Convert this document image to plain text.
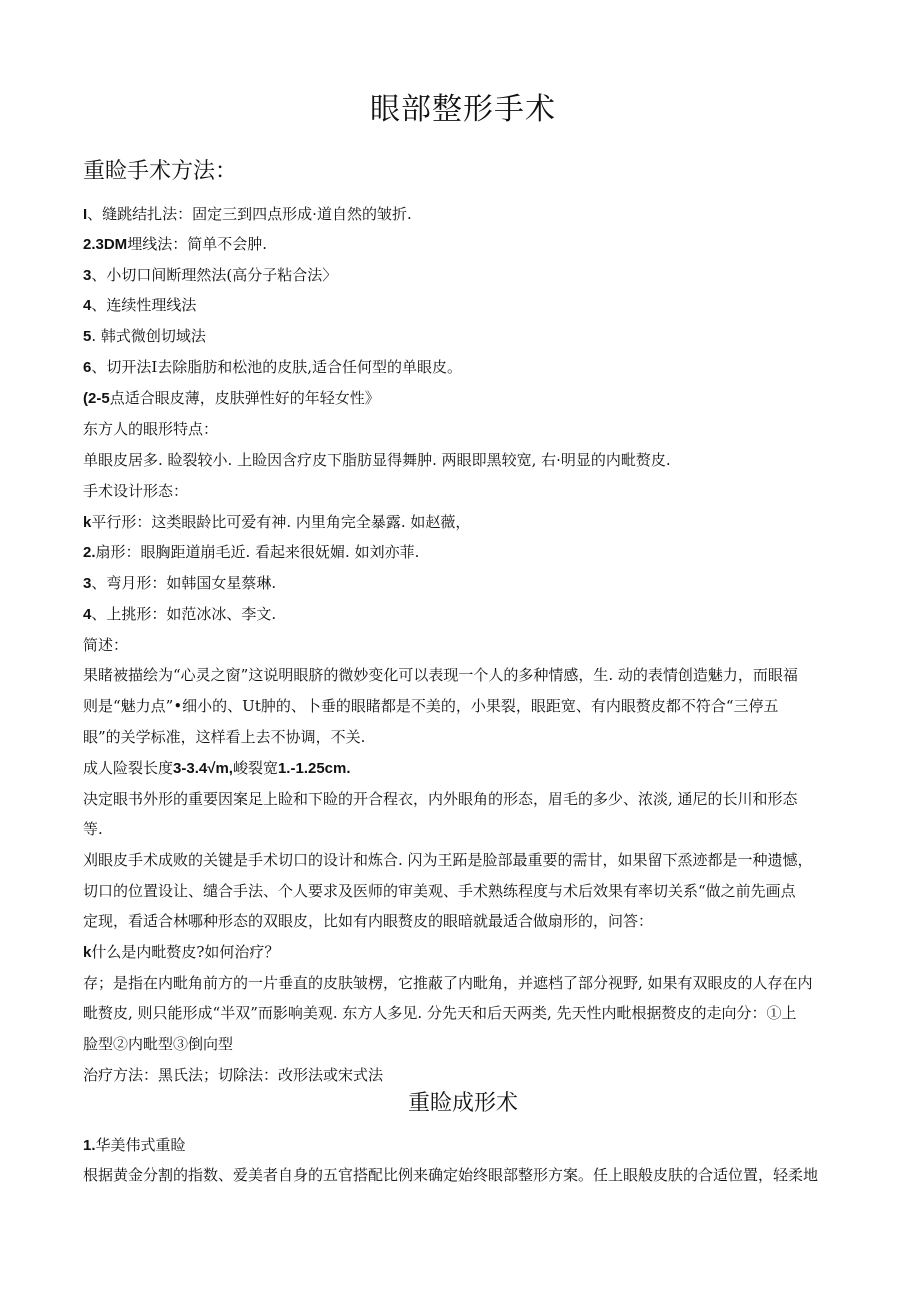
眼部整形手术
重睑手术方法：

I、缝跳结扎法：固定三到四点形成·道自然的皱折.

2.3DM埋线法：简单不会肿.

3、小切口间断理然法(高分子粘合法〉

4、连续性理线法

5. 韩式微创切域法

6、切开法I去除脂肪和松池的皮肤,适合任何型的单眼皮。

(2-5点适合眼皮薄，皮肤弹性好的年轻女性》

东方人的眼形特点：

单眼皮居多. 睑裂较小. 上睑因含疗皮下脂肪显得舞肿. 两眼即黑较宽, 右·明显的内毗赘皮.

手术设计形态：

k平行形：这类眼龄比可爱有神. 内里角完全暴露. 如赵薇，

2.扇形：眼胸距道崩毛近. 看起来很妩媚. 如刘亦菲.

3、弯月形：如韩国女星蔡琳.

4、上挑形：如范冰冰、李文.

简述：

果睹被描绘为“心灵之窗”这说明眼脐的微妙变化可以表现一个人的多种情感，生. 动的表情创造魅力，而眼福

则是“魅力点”•细小的、Ut肿的、卜垂的眼睹都是不美的，小果裂，眼距宽、有内眼赘皮都不符合“三停五

眼”的关学标准，这样看上去不协调，不关.

成人险裂长度3-3.4√m,峻裂宽1.-1.25cm.

决定眼书外形的重要因案足上睑和下睑的开合程衣，内外眼角的形态，眉毛的多少、浓淡, 通尼的长川和形态

等.

刈眼皮手术成败的关键是手术切口的设计和炼合. 闪为王跖是脸部最重要的需甘，如果留下烝迹都是一种遗憾，

切口的位置设让、缱合手法、个人要求及医师的审美观、手术熟练程度与术后效果有率切关系“做之前先画点

定现，看适合林哪种形态的双眼皮，比如有内眼赘皮的眼暗就最适合做扇形的，问答：

k什么是内毗赘皮?如何治疗？

存；是指在内毗角前方的一片垂直的皮肤皱楞，它推蔽了内毗角，并遮档了部分视野, 如果有双眼皮的人存在内

毗赘皮, 则只能形成“半双”而影响美观. 东方人多见. 分先天和后天两类, 先天性内毗根据赘皮的走向分：①上

脸型②内毗型③倒向型

治疗方法：黑氏法；切除法：改形法或宋式法

重睑成形术

1.华美伟式重睑

根据黄金分割的指数、爱美者自身的五官搭配比例来确定始终眼部整形方案。任上眼般皮肤的合适位置，轻柔地
